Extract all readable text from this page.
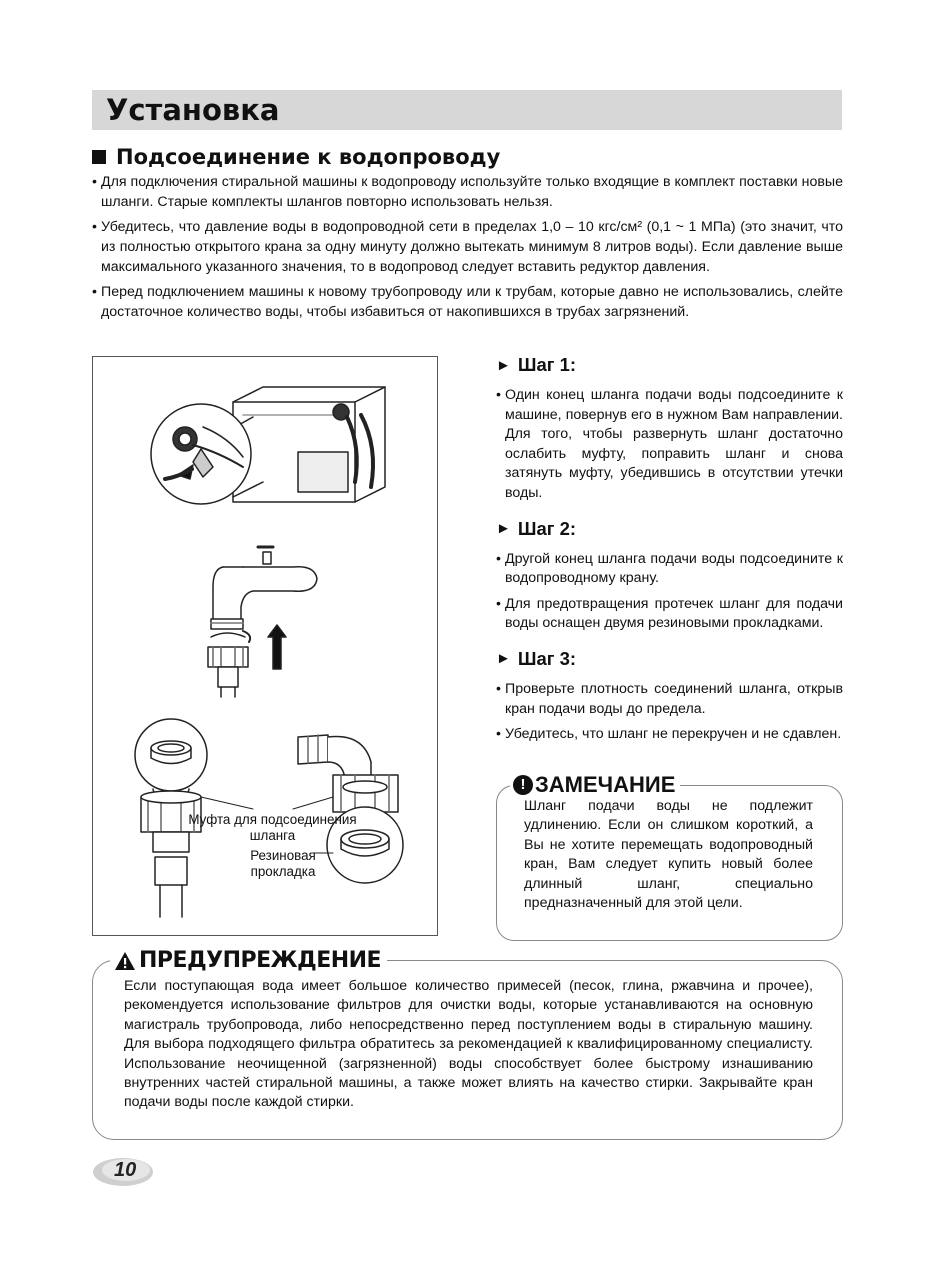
Установка
Подсоединение к водопроводу
• Для подключения стиральной машины к водопроводу используйте только входящие в комплект поставки новые шланги. Старые комплекты шлангов повторно использовать нельзя.
• Убедитесь, что давление воды в водопроводной сети в пределах 1,0 – 10 кгс/см² (0,1 ~ 1 МПа) (это значит, что из полностью открытого крана за одну минуту должно вытекать минимум 8 литров воды). Если давление выше максимального указанного значения, то в водопровод следует вставить редуктор давления.
• Перед подключением машины к новому трубопроводу или к трубам, которые давно не использовались, слейте достаточное количество воды, чтобы избавиться от накопившихся в трубах загрязнений.
Муфта для подсоединения шланга
Резиновая прокладка
► Шаг 1:
• Один конец шланга подачи воды подсоедините к машине, повернув его в нужном Вам направлении. Для того, чтобы развернуть шланг достаточно ослабить муфту, поправить шланг и снова затянуть муфту, убедившись в отсутствии утечки воды.
► Шаг 2:
• Другой конец шланга подачи воды подсоедините к водопроводному крану.
• Для предотвращения протечек шланг для подачи воды оснащен двумя резиновыми прокладками.
► Шаг 3:
• Проверьте плотность соединений шланга, открыв кран подачи воды до предела.
• Убедитесь, что шланг не перекручен и не сдавлен.
! ЗАМЕЧАНИЕ
Шланг подачи воды не подлежит удлинению. Если он слишком короткий, а Вы не хотите перемещать водопроводный кран, Вам следует купить новый более длинный шланг, специально предназначенный для этой цели.
ПРЕДУПРЕЖДЕНИЕ
Если поступающая вода имеет большое количество примесей (песок, глина, ржавчина и прочее), рекомендуется использование фильтров для очистки воды, которые устанавливаются на основную магистраль трубопровода, либо непосредственно перед поступлением воды в стиральную машину. Для выбора подходящего фильтра обратитесь за рекомендацией к квалифицированному специалисту. Использование неочищенной (загрязненной) воды способствует более быстрому изнашиванию внутренних частей стиральной машины, а также может влиять на качество стирки. Закрывайте кран подачи воды после каждой стирки.
10
